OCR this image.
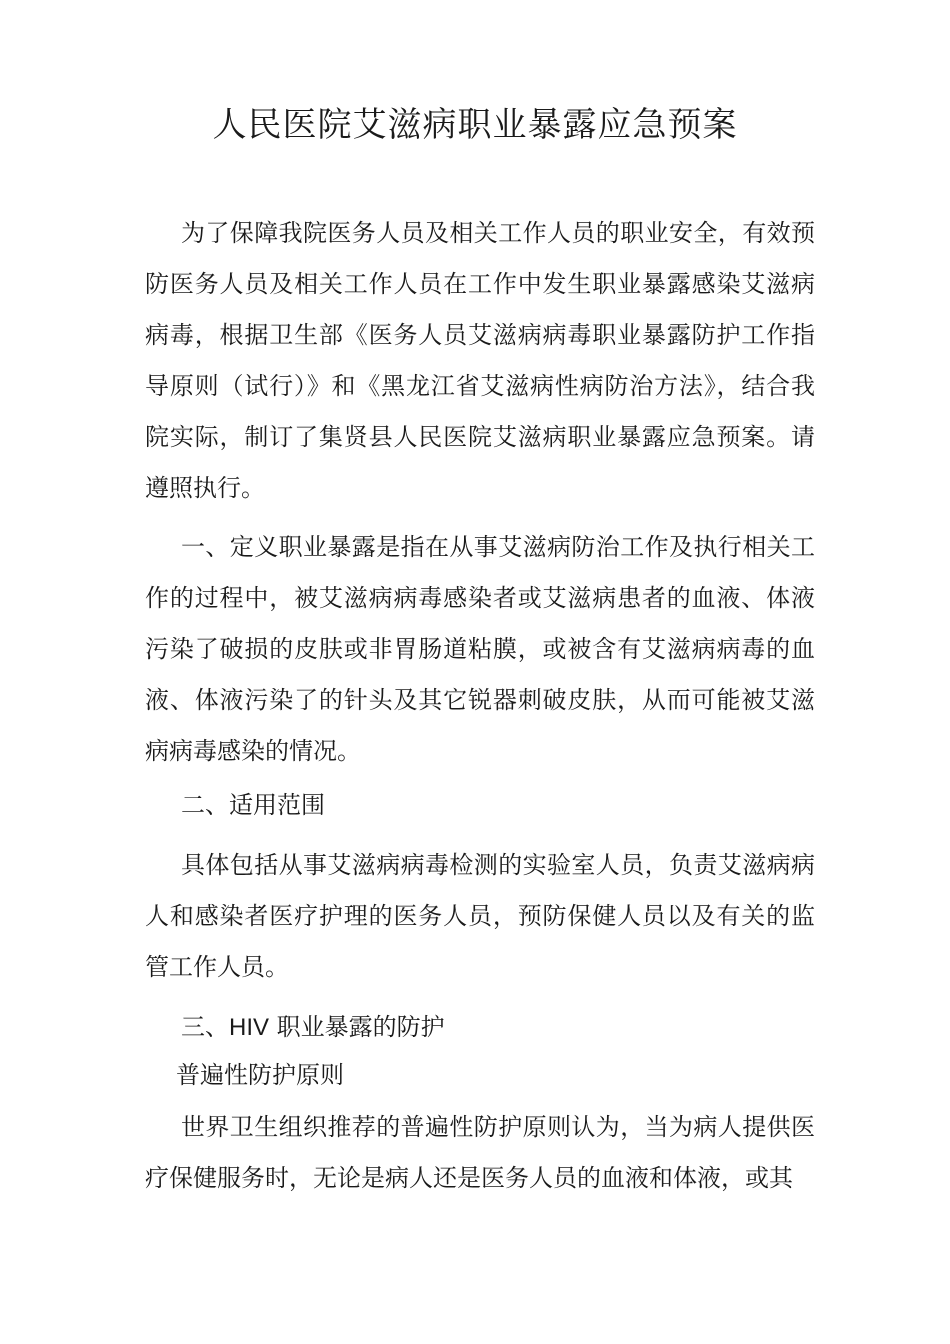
人民医院艾滋病职业暴露应急预案

为了保障我院医务人员及相关工作人员的职业安全，有效预防医务人员及相关工作人员在工作中发生职业暴露感染艾滋病病毒，根据卫生部《医务人员艾滋病病毒职业暴露防护工作指导原则（试行）》和《黑龙江省艾滋病性病防治方法》，结合我院实际，制订了集贤县人民医院艾滋病职业暴露应急预案。请遵照执行。

一、定义职业暴露是指在从事艾滋病防治工作及执行相关工作的过程中，被艾滋病病毒感染者或艾滋病患者的血液、体液污染了破损的皮肤或非胃肠道粘膜，或被含有艾滋病病毒的血液、体液污染了的针头及其它锐器刺破皮肤，从而可能被艾滋病病毒感染的情况。

二、适用范围

具体包括从事艾滋病病毒检测的实验室人员，负责艾滋病病人和感染者医疗护理的医务人员，预防保健人员以及有关的监管工作人员。

三、HIV 职业暴露的防护

普遍性防护原则

世界卫生组织推荐的普遍性防护原则认为，当为病人提供医疗保健服务时，无论是病人还是医务人员的血液和体液，或其
